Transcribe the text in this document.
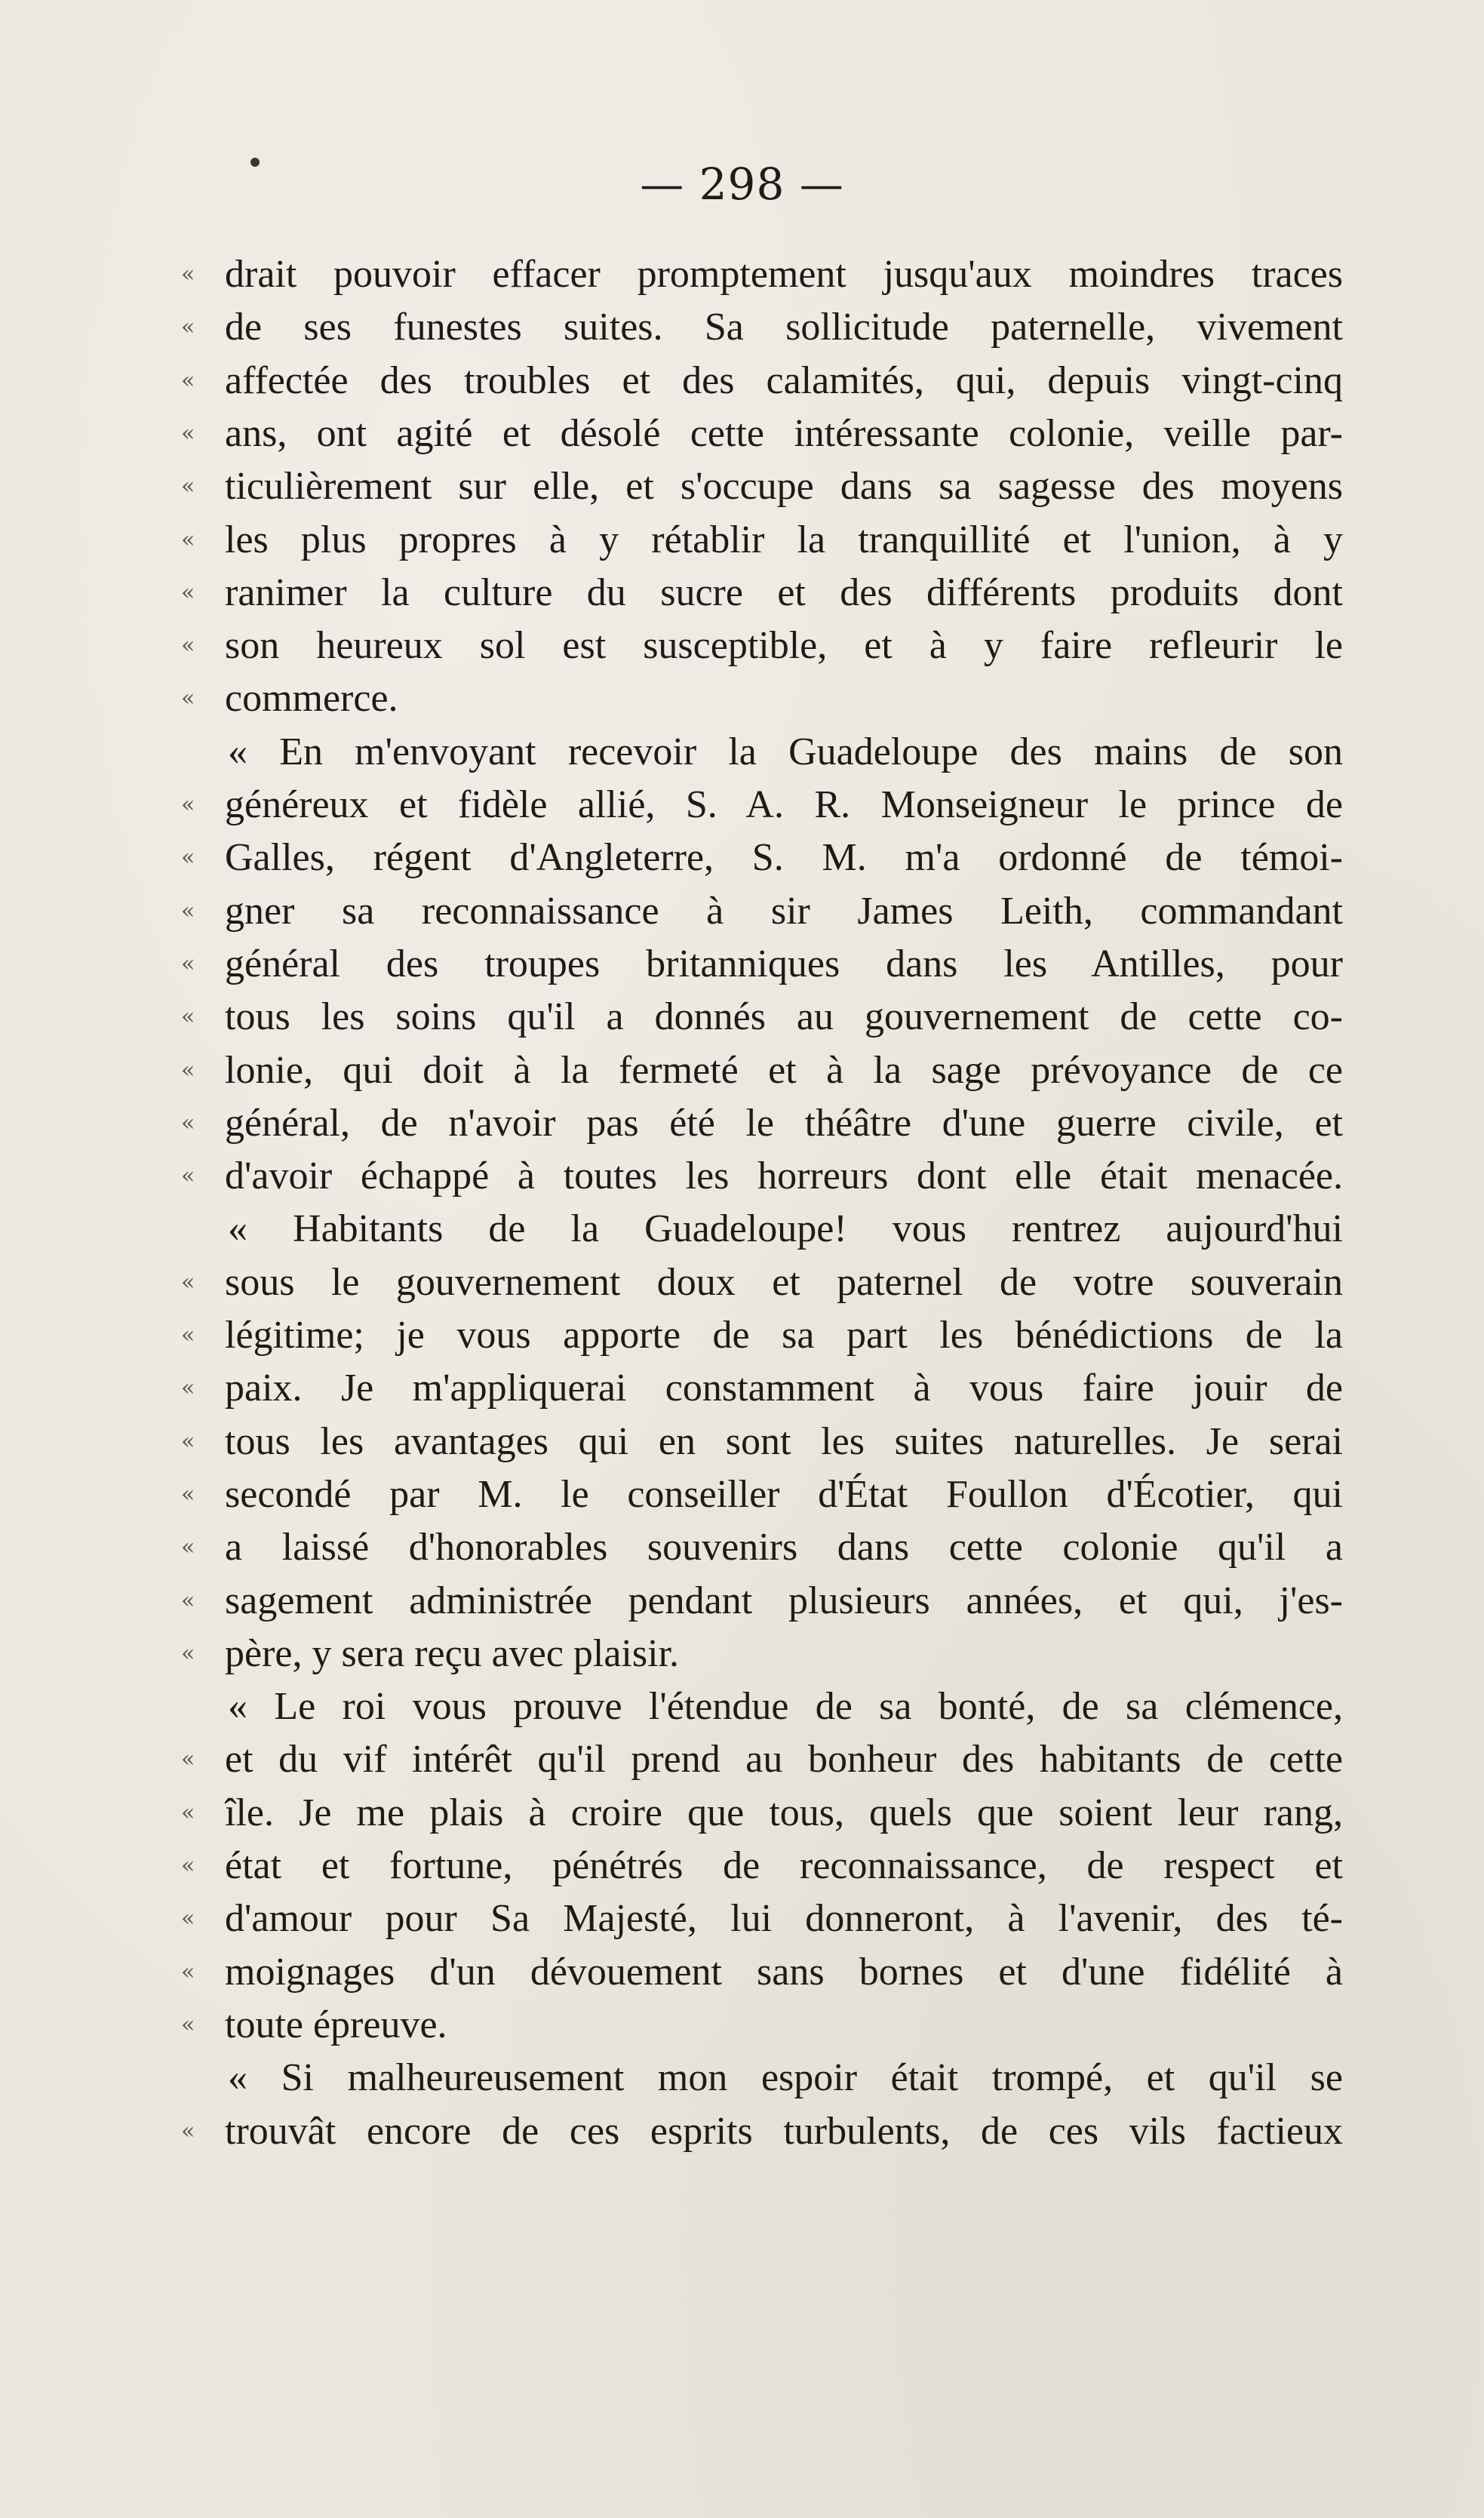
— 298 —
« drait pouvoir effacer promptement jusqu'aux moindres traces
« de ses funestes suites. Sa sollicitude paternelle, vivement
« affectée des troubles et des calamités, qui, depuis vingt-cinq
« ans, ont agité et désolé cette intéressante colonie, veille par-
« ticulièrement sur elle, et s'occupe dans sa sagesse des moyens
« les plus propres à y rétablir la tranquillité et l'union, à y
« ranimer la culture du sucre et des différents produits dont
« son heureux sol est susceptible, et à y faire refleurir le
« commerce.
« En m'envoyant recevoir la Guadeloupe des mains de son
« généreux et fidèle allié, S. A. R. Monseigneur le prince de
« Galles, régent d'Angleterre, S. M. m'a ordonné de témoi-
« gner sa reconnaissance à sir James Leith, commandant
« général des troupes britanniques dans les Antilles, pour
« tous les soins qu'il a donnés au gouvernement de cette co-
« lonie, qui doit à la fermeté et à la sage prévoyance de ce
« général, de n'avoir pas été le théâtre d'une guerre civile, et
« d'avoir échappé à toutes les horreurs dont elle était menacée.
« Habitants de la Guadeloupe! vous rentrez aujourd'hui
« sous le gouvernement doux et paternel de votre souverain
« légitime; je vous apporte de sa part les bénédictions de la
« paix. Je m'appliquerai constamment à vous faire jouir de
« tous les avantages qui en sont les suites naturelles. Je serai
« secondé par M. le conseiller d'État Foullon d'Écotier, qui
« a laissé d'honorables souvenirs dans cette colonie qu'il a
« sagement administrée pendant plusieurs années, et qui, j'es-
« père, y sera reçu avec plaisir.
« Le roi vous prouve l'étendue de sa bonté, de sa clémence,
« et du vif intérêt qu'il prend au bonheur des habitants de cette
« île. Je me plais à croire que tous, quels que soient leur rang,
« état et fortune, pénétrés de reconnaissance, de respect et
« d'amour pour Sa Majesté, lui donneront, à l'avenir, des té-
« moignages d'un dévouement sans bornes et d'une fidélité à
« toute épreuve.
« Si malheureusement mon espoir était trompé, et qu'il se
« trouvât encore de ces esprits turbulents, de ces vils factieux
